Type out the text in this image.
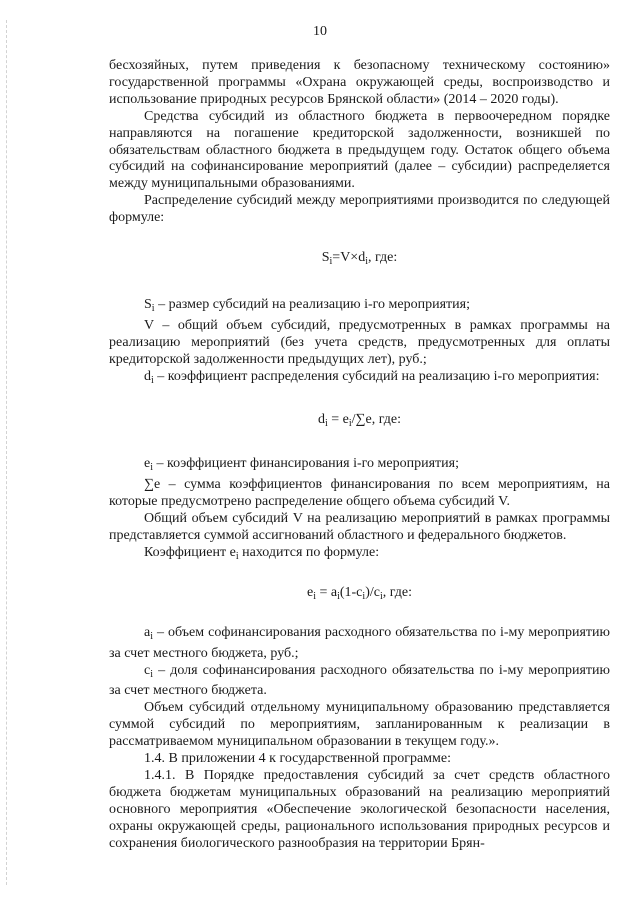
10

бесхозяйных, путем приведения к безопасному техническому состоянию» государственной программы «Охрана окружающей среды, воспроизводство и использование природных ресурсов Брянской области» (2014 – 2020 годы).

Средства субсидий из областного бюджета в первоочередном порядке направляются на погашение кредиторской задолженности, возникшей по обязательствам областного бюджета в предыдущем году. Остаток общего объема субсидий на софинансирование мероприятий (далее – субсидии) распределяется между муниципальными образованиями.

Распределение субсидий между мероприятиями производится по следующей формуле:

$S_i=V\times d_i$, где:

$S_i$ – размер субсидий на реализацию i-го мероприятия;

V – общий объем субсидий, предусмотренных в рамках программы на реализацию мероприятий (без учета средств, предусмотренных для оплаты кредиторской задолженности предыдущих лет), руб.;

$d_i$ – коэффициент распределения субсидий на реализацию i-го мероприятия:

$d_i = e_i/\sum e$, где:

$e_i$ – коэффициент финансирования i-го мероприятия;

∑e – сумма коэффициентов финансирования по всем мероприятиям, на которые предусмотрено распределение общего объема субсидий V.

Общий объем субсидий V на реализацию мероприятий в рамках программы представляется суммой ассигнований областного и федерального бюджетов.

Коэффициент $e_i$ находится по формуле:

$e_i = a_i(1-c_i)/c_i$, где:

$a_i$ – объем софинансирования расходного обязательства по i-му мероприятию за счет местного бюджета, руб.;

$c_i$ – доля софинансирования расходного обязательства по i-му мероприятию за счет местного бюджета.

Объем субсидий отдельному муниципальному образованию представляется суммой субсидий по мероприятиям, запланированным к реализации в рассматриваемом муниципальном образовании в текущем году.».

1.4. В приложении 4 к государственной программе:

1.4.1. В Порядке предоставления субсидий за счет средств областного бюджета бюджетам муниципальных образований на реализацию мероприятий основного мероприятия «Обеспечение экологической безопасности населения, охраны окружающей среды, рационального использования природных ресурсов и сохранения биологического разнообразия на территории Брян-
